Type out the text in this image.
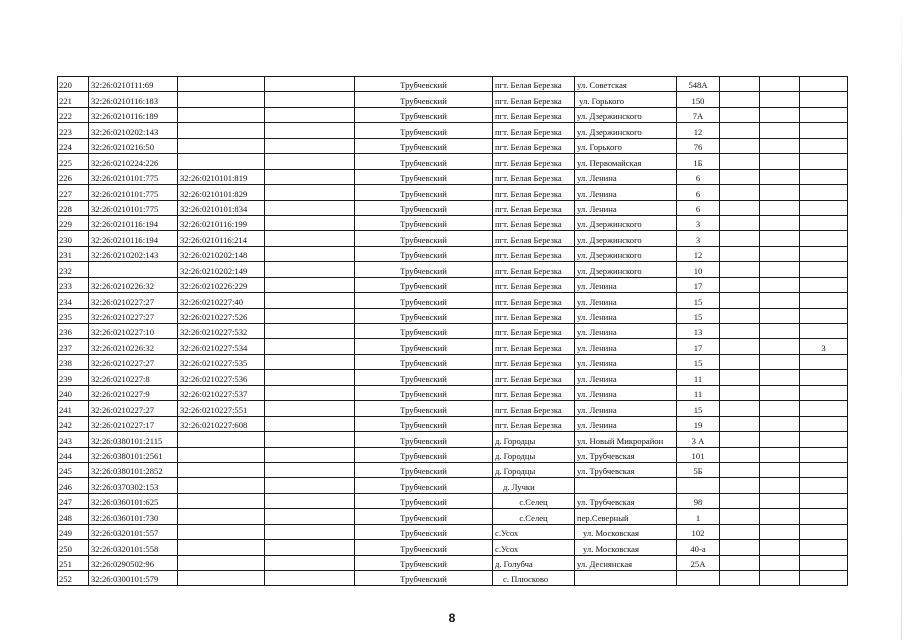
220	32:26:0210111:69			Трубчевский	пгт. Белая Березка	ул. Советская	548А			
221	32:26:0210116:183			Трубчевский	пгт. Белая Березка	ул. Горького	150			
222	32:26:0210116:189			Трубчевский	пгт. Белая Березка	ул. Дзержинского	7А			
223	32:26:0210202:143			Трубчевский	пгт. Белая Березка	ул. Дзержинского	12			
224	32:26:0210216:50			Трубчевский	пгт. Белая Березка	ул. Горького	76			
225	32:26:0210224:226			Трубчевский	пгт. Белая Березка	ул. Первомайская	1Б			
226	32:26:0210101:775	32:26:0210101:819		Трубчевский	пгт. Белая Березка	ул. Ленина	6			
227	32:26:0210101:775	32:26:0210101:829		Трубчевский	пгт. Белая Березка	ул. Ленина	6			
228	32:26:0210101:775	32:26:0210101:834		Трубчевский	пгт. Белая Березка	ул. Ленина	6			
229	32:26:0210116:194	32:26:0210116:199		Трубчевский	пгт. Белая Березка	ул. Дзержинского	3			
230	32:26:0210116:194	32:26:0210116:214		Трубчевский	пгт. Белая Березка	ул. Дзержинского	3			
231	32:26:0210202:143	32:26:0210202:148		Трубчевский	пгт. Белая Березка	ул. Дзержинского	12			
232		32:26:0210202:149		Трубчевский	пгт. Белая Березка	ул. Дзержинского	10			
233	32:26:0210226:32	32:26:0210226:229		Трубчевский	пгт. Белая Березка	ул. Ленина	17			
234	32:26:0210227:27	32:26:0210227:40		Трубчевский	пгт. Белая Березка	ул. Ленина	15			
235	32:26:0210227:27	32:26:0210227:526		Трубчевский	пгт. Белая Березка	ул. Ленина	15			
236	32:26:0210227:10	32:26:0210227:532		Трубчевский	пгт. Белая Березка	ул. Ленина	13			
237	32:26:0210226:32	32:26:0210227:534		Трубчевский	пгт. Белая Березка	ул. Ленина	17			3
238	32:26:0210227:27	32:26:0210227:535		Трубчевский	пгт. Белая Березка	ул. Ленина	15			
239	32:26:0210227:8	32:26:0210227:536		Трубчевский	пгт. Белая Березка	ул. Ленина	11			
240	32:26:0210227:9	32:26:0210227:537		Трубчевский	пгт. Белая Березка	ул. Ленина	11			
241	32:26:0210227:27	32:26:0210227:551		Трубчевский	пгт. Белая Березка	ул. Ленина	15			
242	32:26:0210227:17	32:26:0210227:608		Трубчевский	пгт. Белая Березка	ул. Ленина	19			
243	32:26:0380101:2115			Трубчевский	д. Городцы	ул. Новый Микрорайон	3 А			
244	32:26:0380101:2561			Трубчевский	д. Городцы	ул. Трубчевская	101			
245	32:26:0380101:2852			Трубчевский	д. Городцы	ул. Трубчевская	5Б			
246	32:26:0370302:153			Трубчевский	д. Лучки					
247	32:26:0360101:625			Трубчевский	с.Селец	ул. Трубчевская	98			
248	32:26:0360101:730			Трубчевский	с.Селец	пер.Северный	1			
249	32:26:0320101:557			Трубчевский	с.Усох	ул. Московская	102			
250	32:26:0320101:558			Трубчевский	с.Усох	ул. Московская	40-а			
251	32:26:0290502:96			Трубчевский	д. Голубча	ул. Деснянская	25А			
252	32:26:0300101:579			Трубчевский	с. Плюсково					
8
